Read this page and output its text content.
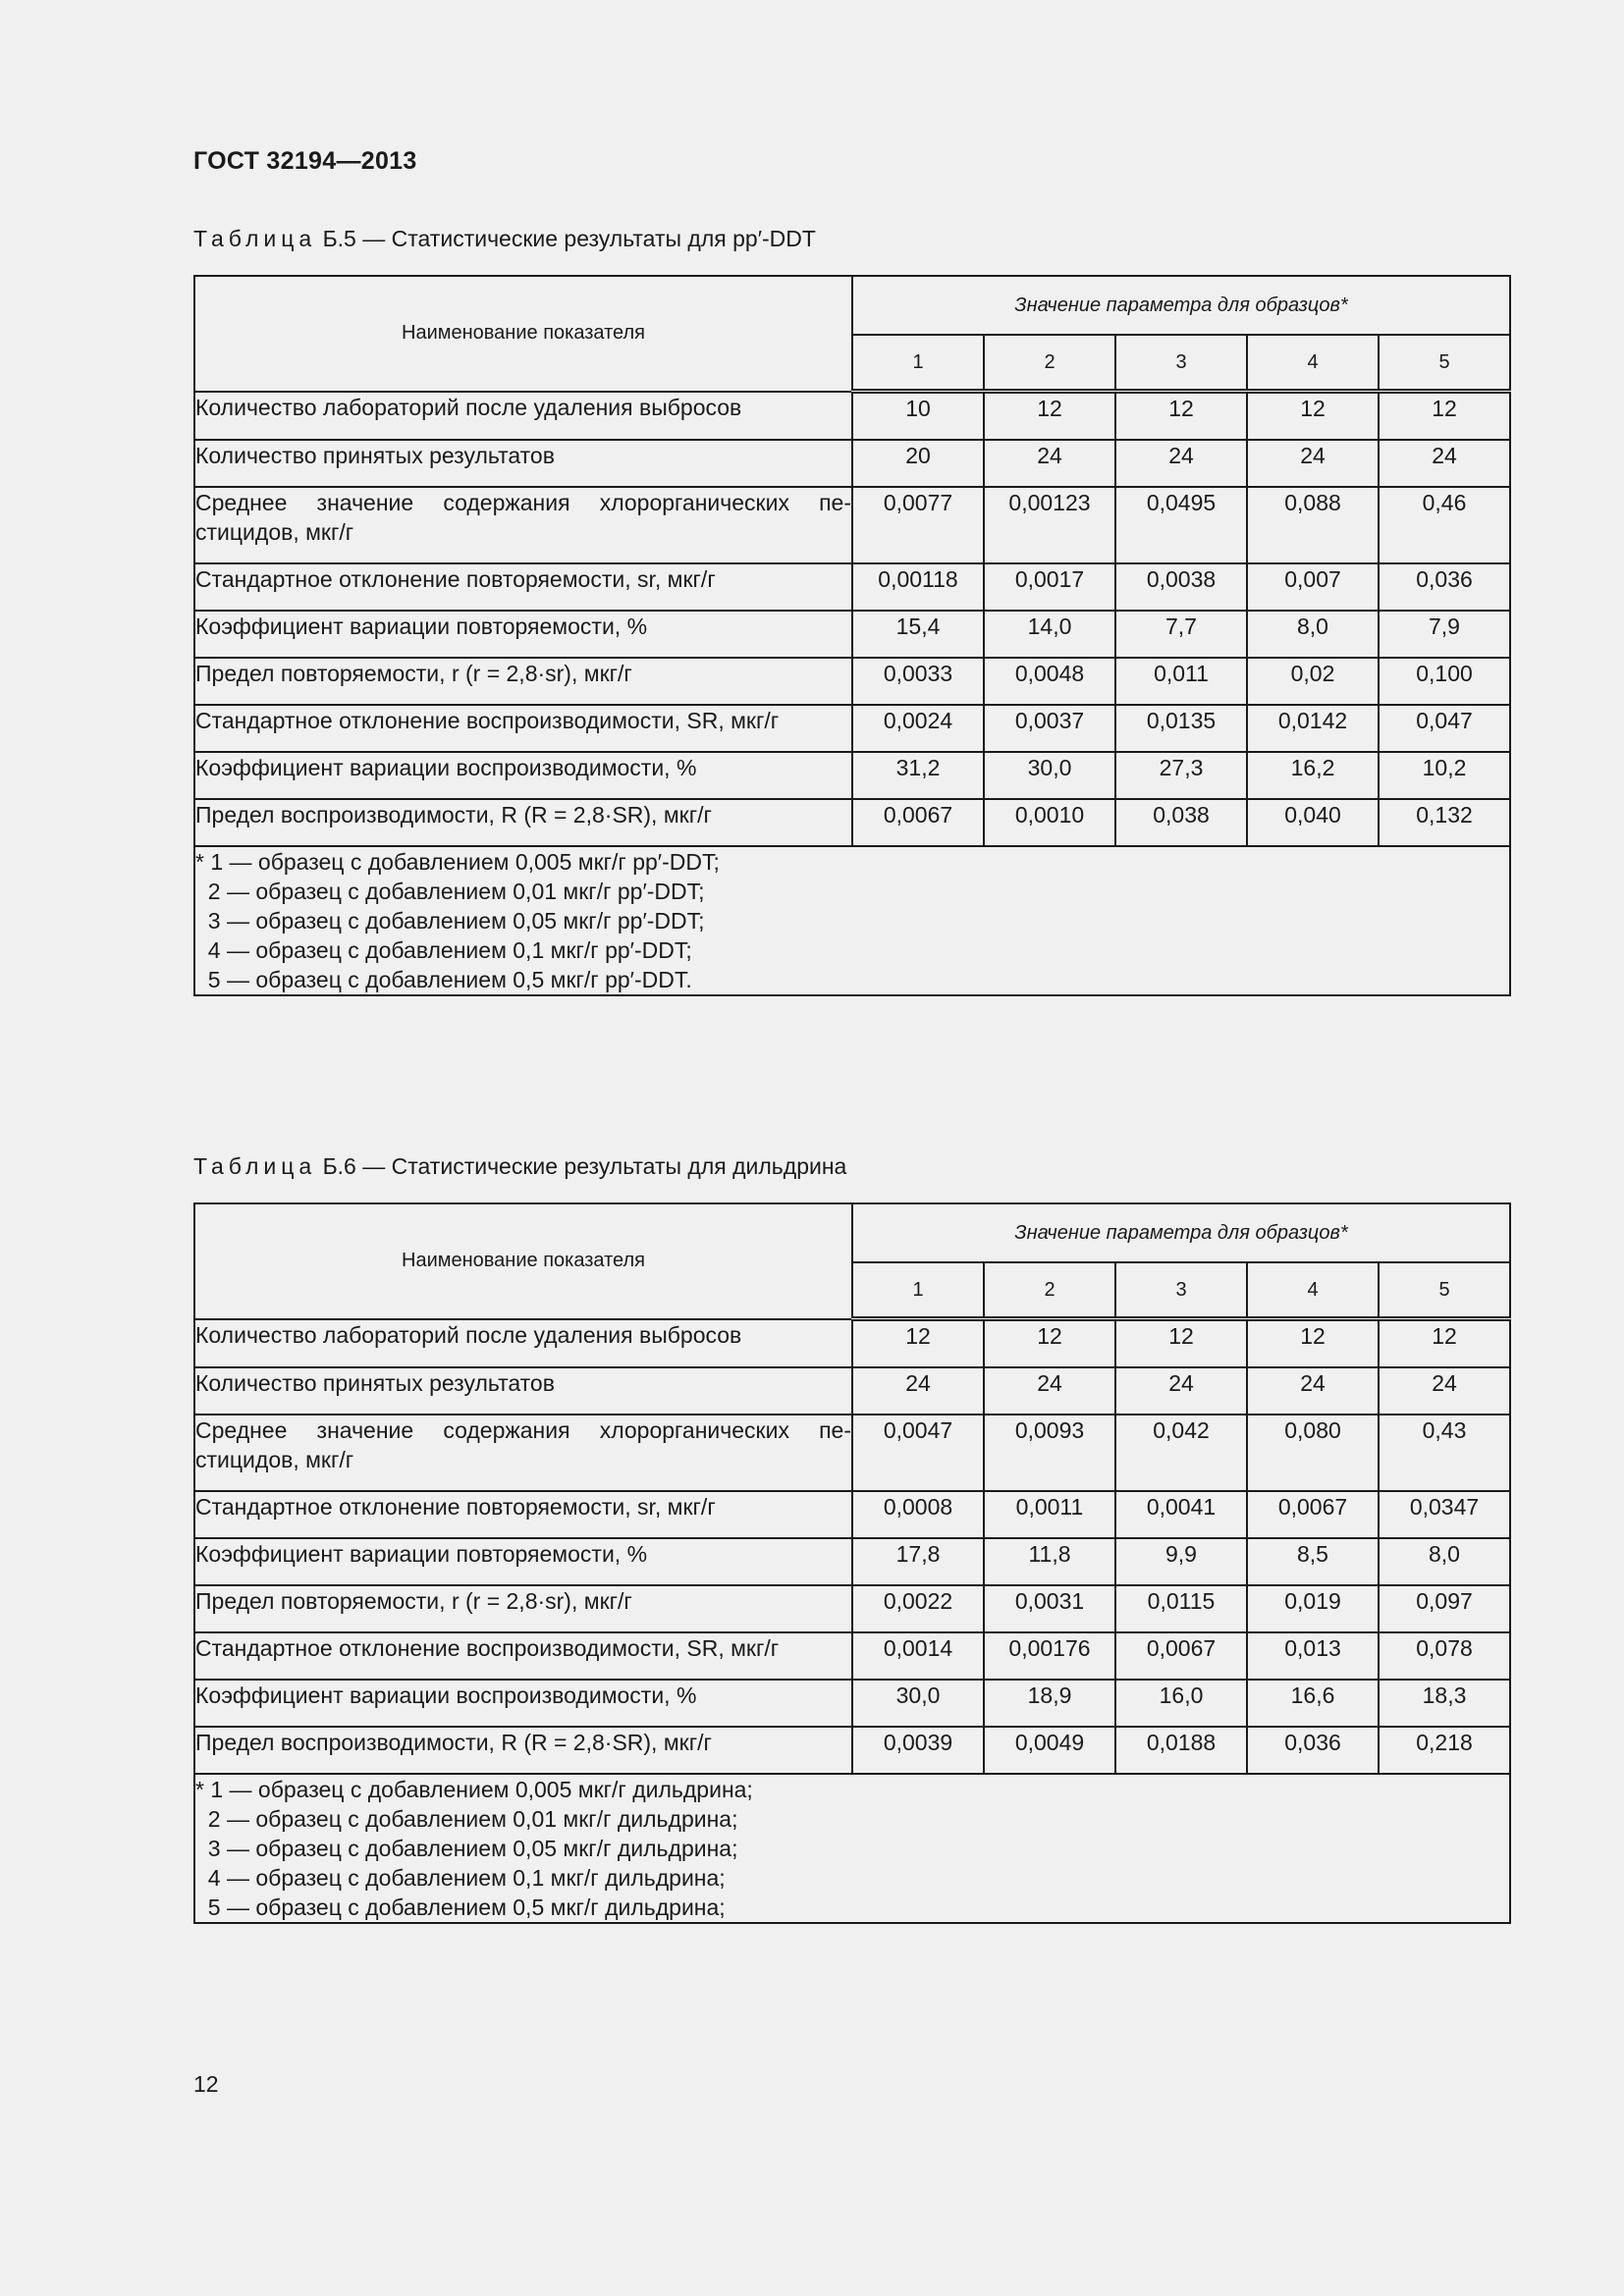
ГОСТ 32194—2013
Таблица Б.5 — Статистические результаты для pp′-DDT
Наименование показателя	Значение параметра для образцов*				
	1	2	3	4	5
Количество лабораторий после удаления выбросов	10	12	12	12	12
Количество принятых результатов	20	24	24	24	24
Среднее значение содержания хлорорганических пе-стицидов, мкг/г	0,0077	0,00123	0,0495	0,088	0,46
Стандартное отклонение повторяемости, sr, мкг/г	0,00118	0,0017	0,0038	0,007	0,036
Коэффициент вариации повторяемости, %	15,4	14,0	7,7	8,0	7,9
Предел повторяемости, r (r = 2,8·sr), мкг/г	0,0033	0,0048	0,011	0,02	0,100
Стандартное отклонение воспроизводимости, SR, мкг/г	0,0024	0,0037	0,0135	0,0142	0,047
Коэффициент вариации воспроизводимости, %	31,2	30,0	27,3	16,2	10,2
Предел воспроизводимости, R (R = 2,8·SR), мкг/г	0,0067	0,0010	0,038	0,040	0,132

* 1 — образец с добавлением 0,005 мкг/г pp′-DDT;
2 — образец с добавлением 0,01 мкг/г pp′-DDT;
3 — образец с добавлением 0,05 мкг/г pp′-DDT;
4 — образец с добавлением 0,1 мкг/г pp′-DDT;
5 — образец с добавлением 0,5 мкг/г pp′-DDT.					
Таблица Б.6 — Статистические результаты для дильдрина
Наименование показателя	Значение параметра для образцов*				
	1	2	3	4	5
Количество лабораторий после удаления выбросов	12	12	12	12	12
Количество принятых результатов	24	24	24	24	24
Среднее значение содержания хлорорганических пе-стицидов, мкг/г	0,0047	0,0093	0,042	0,080	0,43
Стандартное отклонение повторяемости, sr, мкг/г	0,0008	0,0011	0,0041	0,0067	0,0347
Коэффициент вариации повторяемости, %	17,8	11,8	9,9	8,5	8,0
Предел повторяемости, r (r = 2,8·sr), мкг/г	0,0022	0,0031	0,0115	0,019	0,097
Стандартное отклонение воспроизводимости, SR, мкг/г	0,0014	0,00176	0,0067	0,013	0,078
Коэффициент вариации воспроизводимости, %	30,0	18,9	16,0	16,6	18,3
Предел воспроизводимости, R (R = 2,8·SR), мкг/г	0,0039	0,0049	0,0188	0,036	0,218

* 1 — образец с добавлением 0,005 мкг/г дильдрина;
2 — образец с добавлением 0,01 мкг/г дильдрина;
3 — образец с добавлением 0,05 мкг/г дильдрина;
4 — образец с добавлением 0,1 мкг/г дильдрина;
5 — образец с добавлением 0,5 мкг/г дильдрина;					
12
